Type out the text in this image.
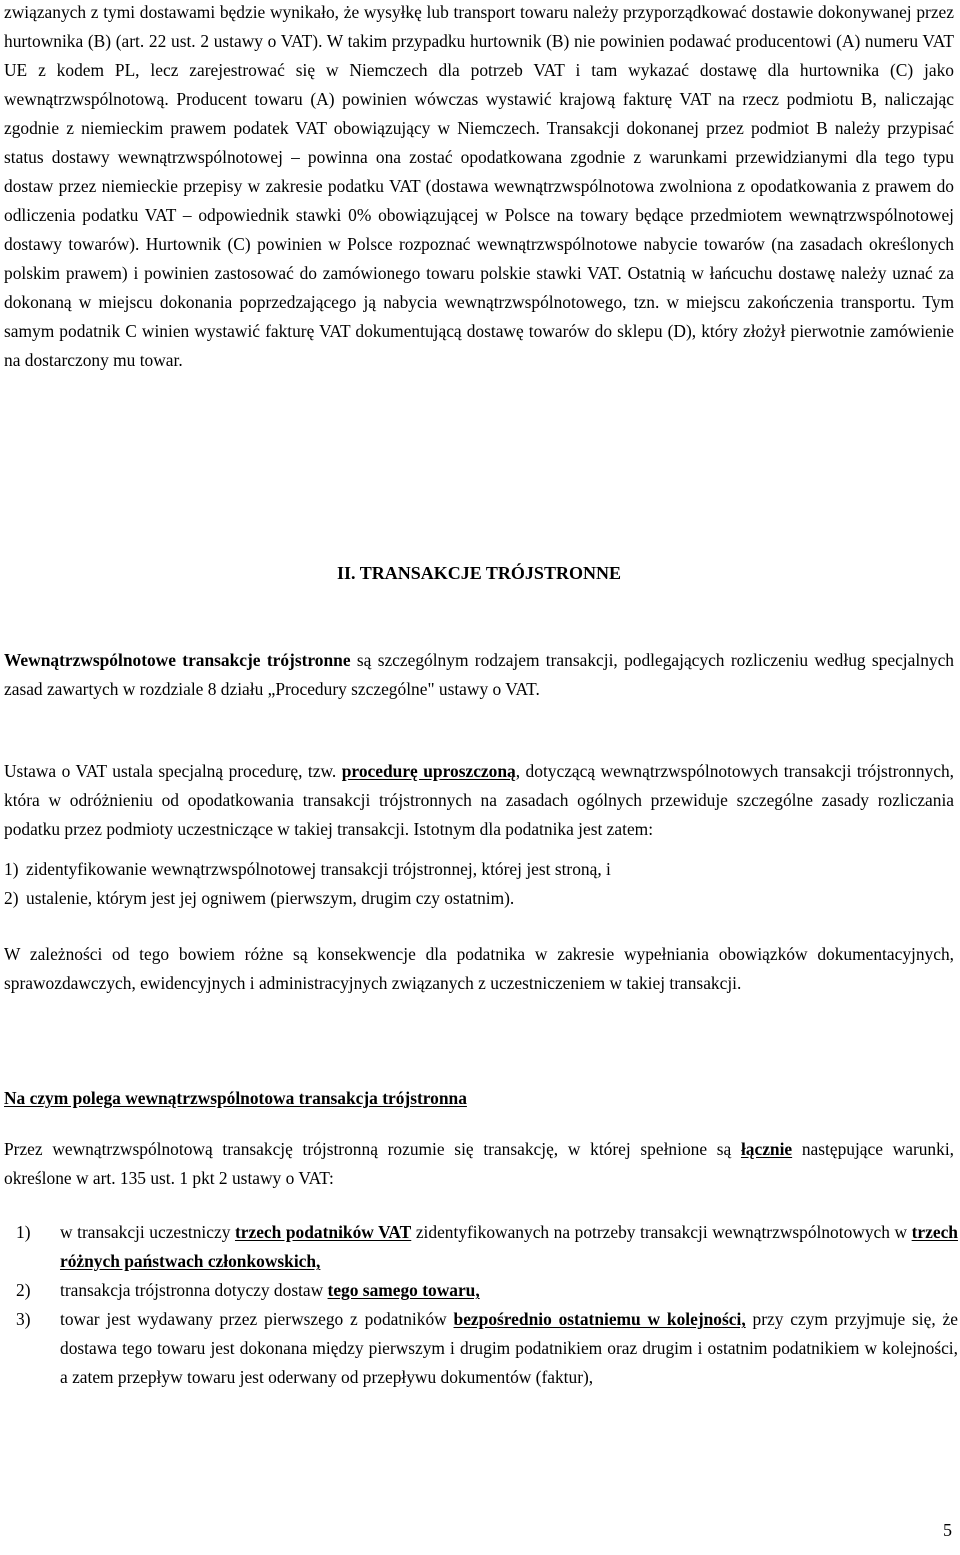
związanych z tymi dostawami będzie wynikało, że wysyłkę lub transport towaru należy przyporządkować dostawie dokonywanej przez hurtownika (B) (art. 22 ust. 2 ustawy o VAT). W takim przypadku hurtownik (B) nie powinien podawać producentowi (A) numeru VAT UE z kodem PL, lecz zarejestrować się w Niemczech dla potrzeb VAT i tam wykazać dostawę dla hurtownika (C) jako wewnątrzwspólnotową. Producent towaru (A) powinien wówczas wystawić krajową fakturę VAT na rzecz podmiotu B, naliczając zgodnie z niemieckim prawem podatek VAT obowiązujący w Niemczech. Transakcji dokonanej przez podmiot B należy przypisać status dostawy wewnątrzwspólnotowej – powinna ona zostać opodatkowana zgodnie z warunkami przewidzianymi dla tego typu dostaw przez niemieckie przepisy w zakresie podatku VAT (dostawa wewnątrzwspólnotowa zwolniona z opodatkowania z prawem do odliczenia podatku VAT – odpowiednik stawki 0% obowiązującej w Polsce na towary będące przedmiotem wewnątrzwspólnotowej dostawy towarów). Hurtownik (C) powinien w Polsce rozpoznać wewnątrzwspólnotowe nabycie towarów (na zasadach określonych polskim prawem) i powinien zastosować do zamówionego towaru polskie stawki VAT. Ostatnią w łańcuchu dostawę należy uznać za dokonaną w miejscu dokonania poprzedzającego ją nabycia wewnątrzwspólnotowego, tzn. w miejscu zakończenia transportu. Tym samym podatnik C winien wystawić fakturę VAT dokumentującą dostawę towarów do sklepu (D), który złożył pierwotnie zamówienie na dostarczony mu towar.

II. TRANSAKCJE TRÓJSTRONNE

Wewnątrzwspólnotowe transakcje trójstronne są szczególnym rodzajem transakcji, podlegających rozliczeniu według specjalnych zasad zawartych w rozdziale 8 działu „Procedury szczególne" ustawy o VAT.

Ustawa o VAT ustala specjalną procedurę, tzw. procedurę uproszczoną, dotyczącą wewnątrzwspólnotowych transakcji trójstronnych, która w odróżnieniu od opodatkowania transakcji trójstronnych na zasadach ogólnych przewiduje szczególne zasady rozliczania podatku przez podmioty uczestniczące w takiej transakcji. Istotnym dla podatnika jest zatem:

1) zidentyfikowanie wewnątrzwspólnotowej transakcji trójstronnej, której jest stroną, i
2) ustalenie, którym jest jej ogniwem (pierwszym, drugim czy ostatnim).

W zależności od tego bowiem różne są konsekwencje dla podatnika w zakresie wypełniania obowiązków dokumentacyjnych, sprawozdawczych, ewidencyjnych i administracyjnych związanych z uczestniczeniem w takiej transakcji.

Na czym polega wewnątrzwspólnotowa transakcja trójstronna

Przez wewnątrzwspólnotową transakcję trójstronną rozumie się transakcję, w której spełnione są łącznie następujące warunki, określone w art. 135 ust. 1 pkt 2 ustawy o VAT:

1)	w transakcji uczestniczy trzech podatników VAT zidentyfikowanych na potrzeby transakcji wewnątrzwspólnotowych w trzech różnych państwach członkowskich,
2)	transakcja trójstronna dotyczy dostaw tego samego towaru,
3)	towar jest wydawany przez pierwszego z podatników bezpośrednio ostatniemu w kolejności, przy czym przyjmuje się, że dostawa tego towaru jest dokonana między pierwszym i drugim podatnikiem oraz drugim i ostatnim podatnikiem w kolejności, a zatem przepływ towaru jest oderwany od przepływu dokumentów (faktur),
5
